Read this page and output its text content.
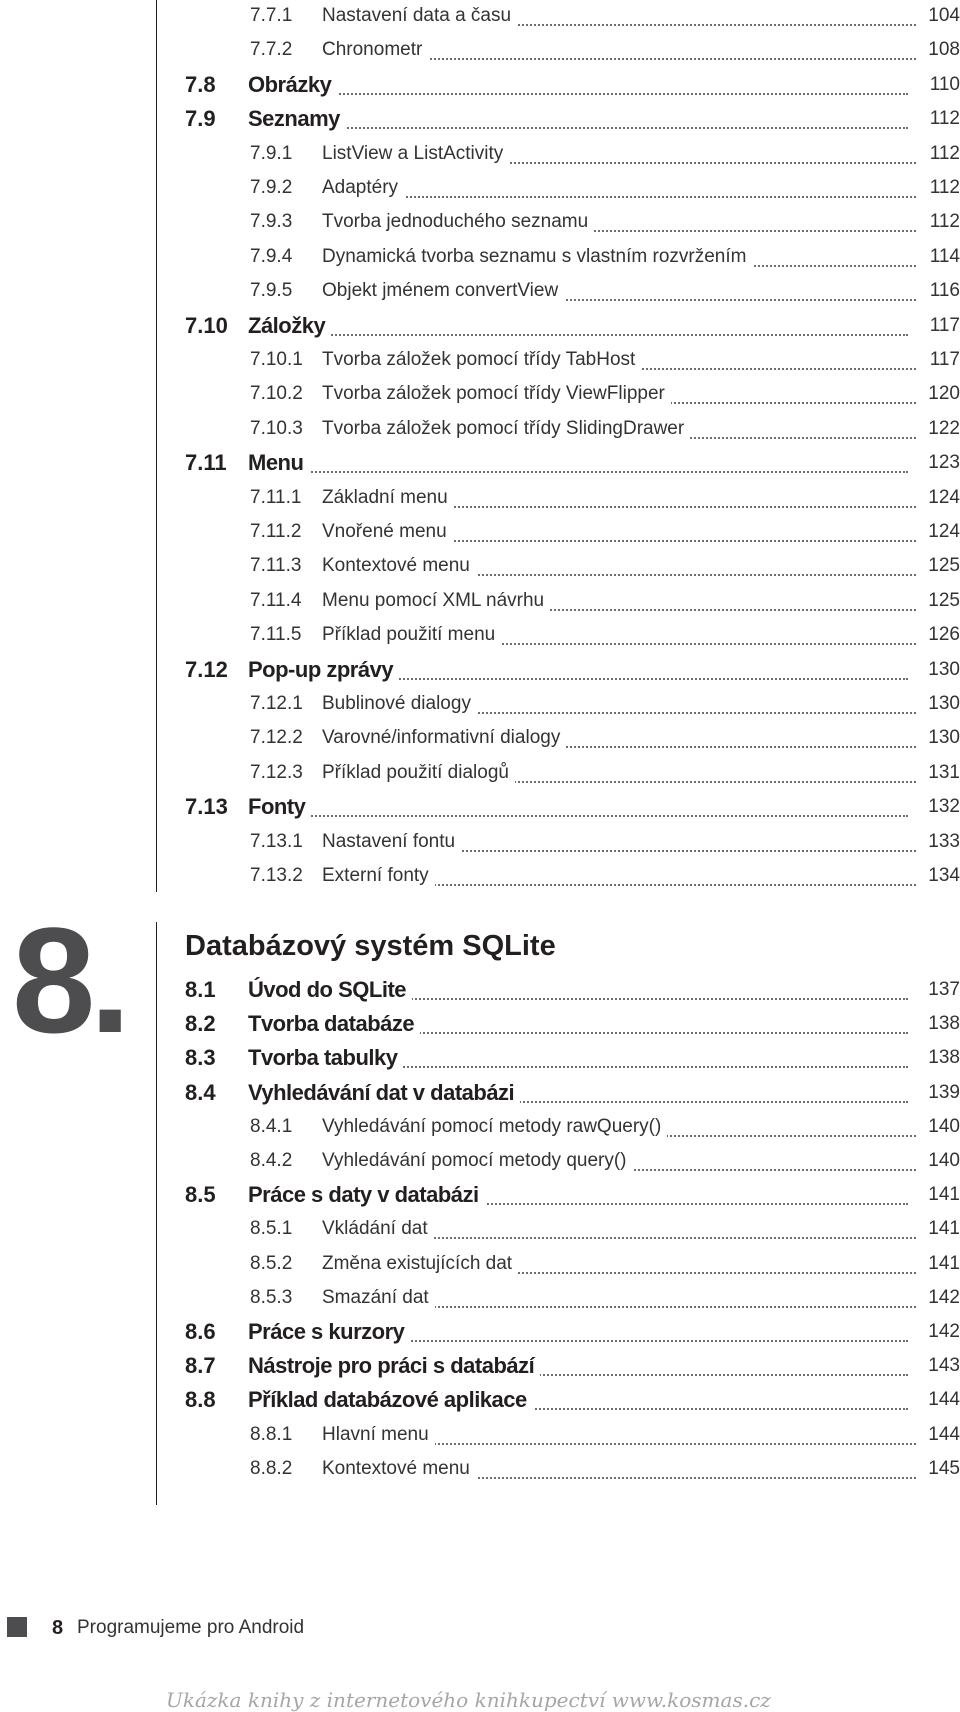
7.7.1 Nastavení data a času	104
7.7.2 Chronometr	108
7.8 Obrázky	110
7.9 Seznamy	112
7.9.1 ListView a ListActivity	112
7.9.2 Adaptéry	112
7.9.3 Tvorba jednoduchého seznamu	112
7.9.4 Dynamická tvorba seznamu s vlastním rozvržením	114
7.9.5 Objekt jménem convertView	116
7.10 Záložky	117
7.10.1 Tvorba záložek pomocí třídy TabHost	117
7.10.2 Tvorba záložek pomocí třídy ViewFlipper	120
7.10.3 Tvorba záložek pomocí třídy SlidingDrawer	122
7.11 Menu	123
7.11.1 Základní menu	124
7.11.2 Vnořené menu	124
7.11.3 Kontextové menu	125
7.11.4 Menu pomocí XML návrhu	125
7.11.5 Příklad použití menu	126
7.12 Pop-up zprávy	130
7.12.1 Bublinové dialogy	130
7.12.2 Varovné/informativní dialogy	130
7.12.3 Příklad použití dialogů	131
7.13 Fonty	132
7.13.1 Nastavení fontu	133
7.13.2 Externí fonty	134
8.1 Úvod do SQLite	137
8.2 Tvorba databáze	138
8.3 Tvorba tabulky	138
8.4 Vyhledávání dat v databázi	139
8.4.1 Vyhledávání pomocí metody rawQuery()	140
8.4.2 Vyhledávání pomocí metody query()	140
8.5 Práce s daty v databázi	141
8.5.1 Vkládání dat	141
8.5.2 Změna existujících dat	141
8.5.3 Smazání dat	142
8.6 Práce s kurzory	142
8.7 Nástroje pro práci s databází	143
8.8 Příklad databázové aplikace	144
8.8.1 Hlavní menu	144
8.8.2 Kontextové menu	145
8. Databázový systém SQLite
8 Programujeme pro Android
Ukázka knihy z internetového knihkupectví www.kosmas.cz
